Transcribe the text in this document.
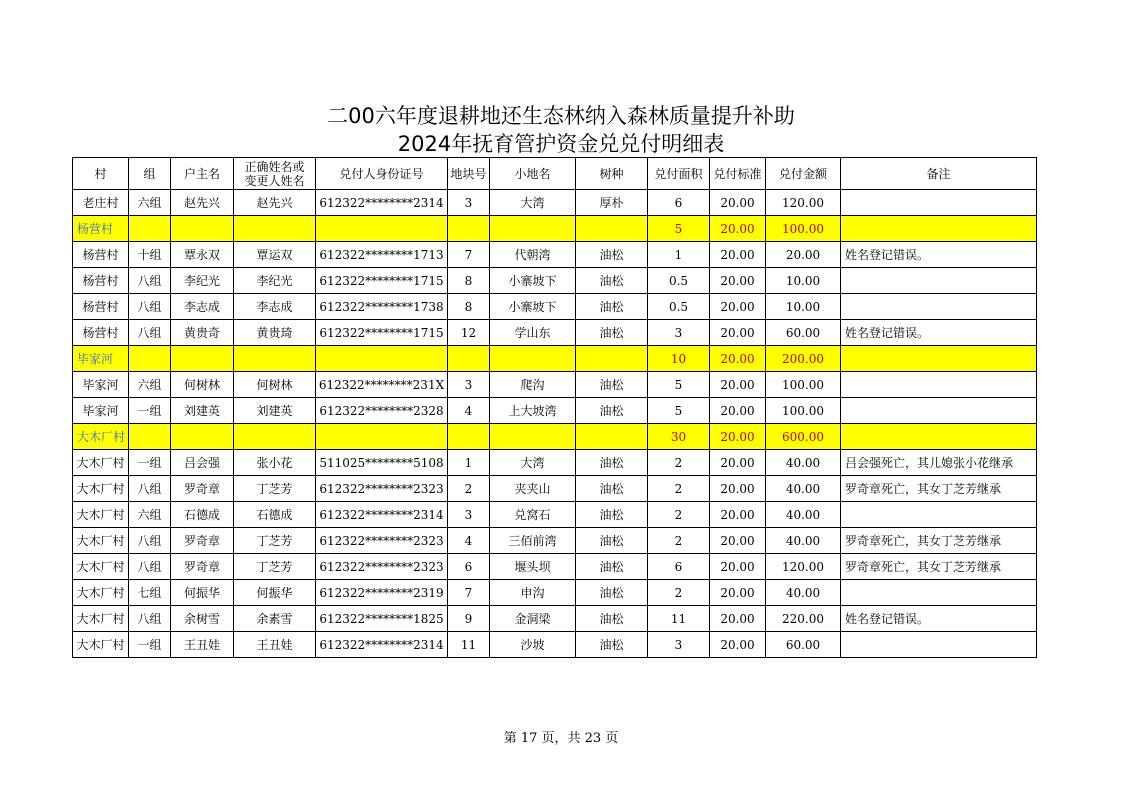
二00六年度退耕地还生态林纳入森林质量提升补助
2024年抚育管护资金兑兑付明细表
村	组	户主名	正确姓名或变更人姓名	兑付人身份证号	地块号	小地名	树种	兑付面积	兑付标准	兑付金额	备注
老庄村	六组	赵先兴	赵先兴	612322********2314	3	大湾	厚朴	6	20.00	120.00	
杨营村								5	20.00	100.00	
杨营村	十组	覃永双	覃运双	612322********1713	7	代朝湾	油松	1	20.00	20.00	姓名登记错误。
杨营村	八组	李纪光	李纪光	612322********1715	8	小寨坡下	油松	0.5	20.00	10.00	
杨营村	八组	李志成	李志成	612322********1738	8	小寨坡下	油松	0.5	20.00	10.00	
杨营村	八组	黄贵奇	黄贵琦	612322********1715	12	学山东	油松	3	20.00	60.00	姓名登记错误。
毕家河								10	20.00	200.00	
毕家河	六组	何树林	何树林	612322********231X	3	爬沟	油松	5	20.00	100.00	
毕家河	一组	刘建英	刘建英	612322********2328	4	上大坡湾	油松	5	20.00	100.00	
大木厂村								30	20.00	600.00	
大木厂村	一组	吕会强	张小花	511025********5108	1	大湾	油松	2	20.00	40.00	吕会强死亡，其儿媳张小花继承
大木厂村	八组	罗奇章	丁芝芳	612322********2323	2	夹夹山	油松	2	20.00	40.00	罗奇章死亡，其女丁芝芳继承
大木厂村	六组	石德成	石德成	612322********2314	3	兑窝石	油松	2	20.00	40.00	
大木厂村	八组	罗奇章	丁芝芳	612322********2323	4	三佰前湾	油松	2	20.00	40.00	罗奇章死亡，其女丁芝芳继承
大木厂村	八组	罗奇章	丁芝芳	612322********2323	6	堰头坝	油松	6	20.00	120.00	罗奇章死亡，其女丁芝芳继承
大木厂村	七组	何振华	何振华	612322********2319	7	申沟	油松	2	20.00	40.00	
大木厂村	八组	余树雪	余素雪	612322********1825	9	金洞梁	油松	11	20.00	220.00	姓名登记错误。
大木厂村	一组	王丑娃	王丑娃	612322********2314	11	沙坡	油松	3	20.00	60.00	
第 17 页，共 23 页
